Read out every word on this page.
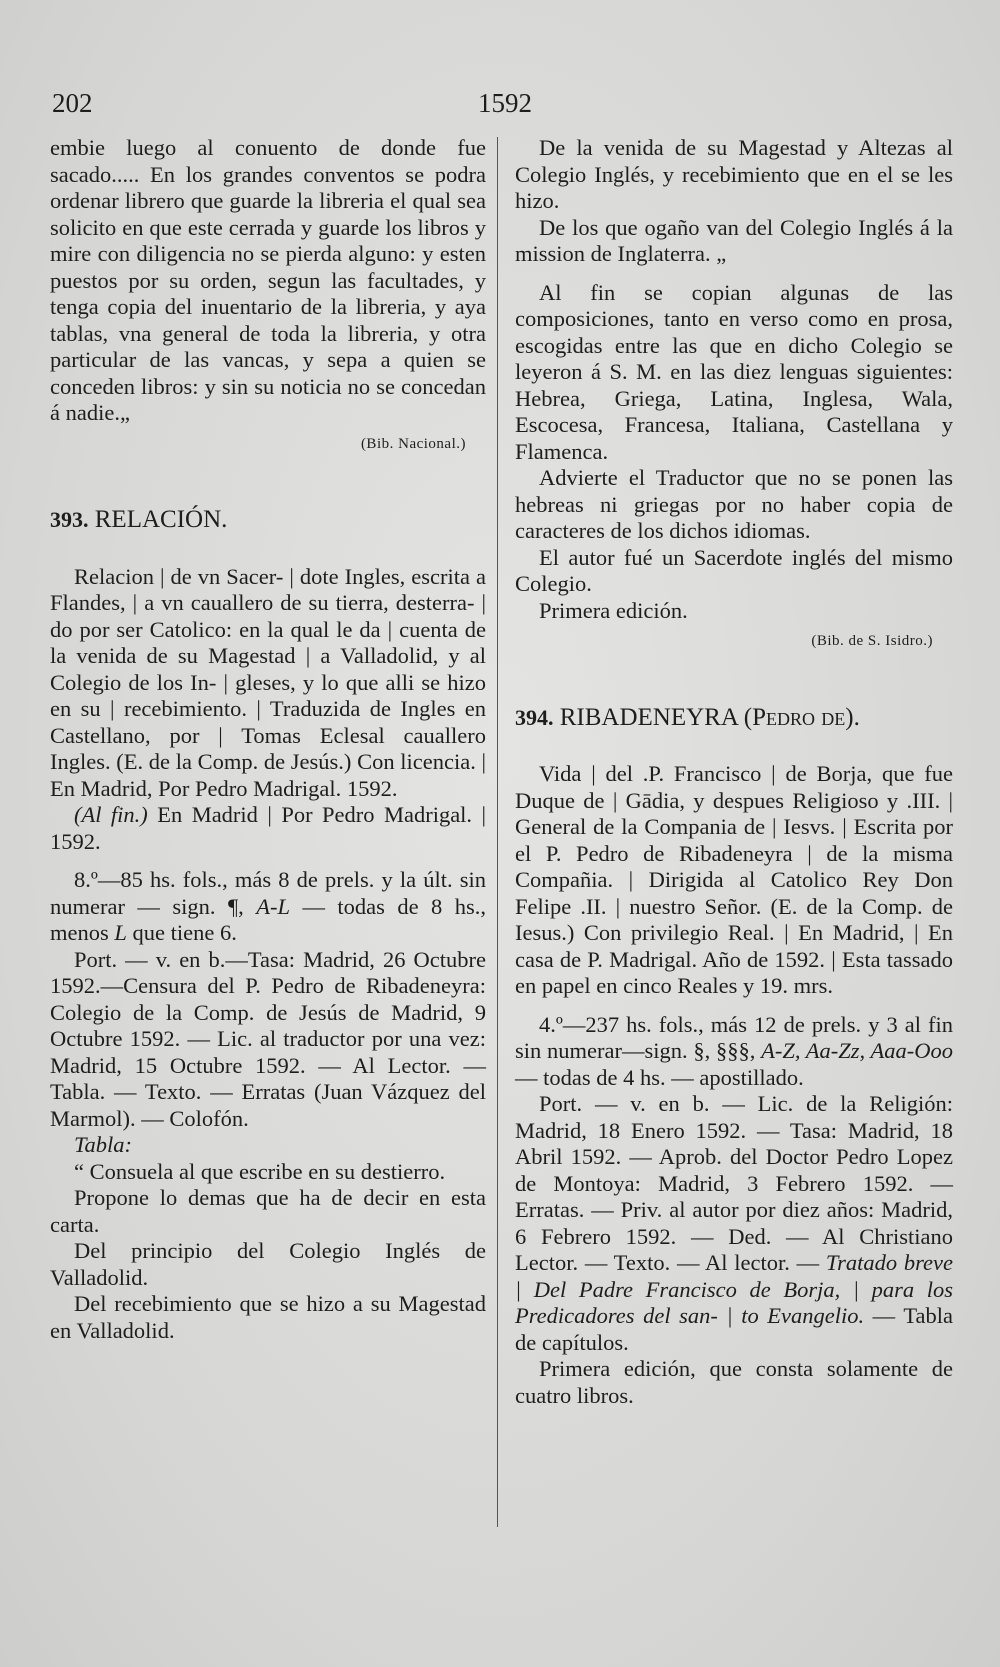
202	1592

embie luego al conuento de donde fue sacado..... En los grandes conventos se podra ordenar librero que guarde la libreria el qual sea solicito en que este cerrada y guarde los libros y mire con diligencia no se pierda alguno: y esten puestos por su orden, segun las facultades, y tenga copia del inuentario de la libreria, y aya tablas, vna general de toda la libreria, y otra particular de las vancas, y sepa a quien se conceden libros: y sin su noticia no se concedan á nadie.„

(Bib. Nacional.)

393. RELACIÓN.

Relacion | de vn Sacer- | dote Ingles, escrita a Flandes, | a vn cauallero de su tierra, desterra- | do por ser Catolico: en la qual le da | cuenta de la venida de su Magestad | a Valladolid, y al Colegio de los In- | gleses, y lo que alli se hizo en su | recebimiento. | Traduzida de Ingles en Castellano, por | Tomas Eclesal cauallero Ingles. (E. de la Comp. de Jesús.) Con licencia. | En Madrid, Por Pedro Madrigal. 1592.

(Al fin.) En Madrid | Por Pedro Madrigal. | 1592.

8.º—85 hs. fols., más 8 de prels. y la últ. sin numerar — sign. ¶, A-L — todas de 8 hs., menos L que tiene 6.

Port. — v. en b.—Tasa: Madrid, 26 Octubre 1592.—Censura del P. Pedro de Ribadeneyra: Colegio de la Comp. de Jesús de Madrid, 9 Octubre 1592. — Lic. al traductor por una vez: Madrid, 15 Octubre 1592. — Al Lector. — Tabla. — Texto. — Erratas (Juan Vázquez del Marmol). — Colofón.

Tabla:

“ Consuela al que escribe en su destierro.

Propone lo demas que ha de decir en esta carta.

Del principio del Colegio Inglés de Valladolid.

Del recebimiento que se hizo a su Magestad en Valladolid.

De la venida de su Magestad y Altezas al Colegio Inglés, y recebimiento que en el se les hizo.

De los que ogaño van del Colegio Inglés á la mission de Inglaterra. „

Al fin se copian algunas de las composiciones, tanto en verso como en prosa, escogidas entre las que en dicho Colegio se leyeron á S. M. en las diez lenguas siguientes: Hebrea, Griega, Latina, Inglesa, Wala, Escocesa, Francesa, Italiana, Castellana y Flamenca.

Advierte el Traductor que no se ponen las hebreas ni griegas por no haber copia de caracteres de los dichos idiomas.

El autor fué un Sacerdote inglés del mismo Colegio.

Primera edición.

(Bib. de S. Isidro.)

394. RIBADENEYRA (Pedro de).

Vida | del .P. Francisco | de Borja, que fue Duque de | Gādia, y despues Religioso y .III. | General de la Compania de | Iesvs. | Escrita por el P. Pedro de Ribadeneyra | de la misma Compañia. | Dirigida al Catolico Rey Don Felipe .II. | nuestro Señor. (E. de la Comp. de Iesus.) Con privilegio Real. | En Madrid, | En casa de P. Madrigal. Año de 1592. | Esta tassado en papel en cinco Reales y 19. mrs.

4.º—237 hs. fols., más 12 de prels. y 3 al fin sin numerar—sign. §, §§§, A-Z, Aa-Zz, Aaa-Ooo — todas de 4 hs. — apostillado.

Port. — v. en b. — Lic. de la Religión: Madrid, 18 Enero 1592. — Tasa: Madrid, 18 Abril 1592. — Aprob. del Doctor Pedro Lopez de Montoya: Madrid, 3 Febrero 1592. — Erratas. — Priv. al autor por diez años: Madrid, 6 Febrero 1592. — Ded. — Al Christiano Lector. — Texto. — Al lector. — Tratado breve | Del Padre Francisco de Borja, | para los Predicadores del san- | to Evangelio. — Tabla de capítulos.

Primera edición, que consta solamente de cuatro libros.
